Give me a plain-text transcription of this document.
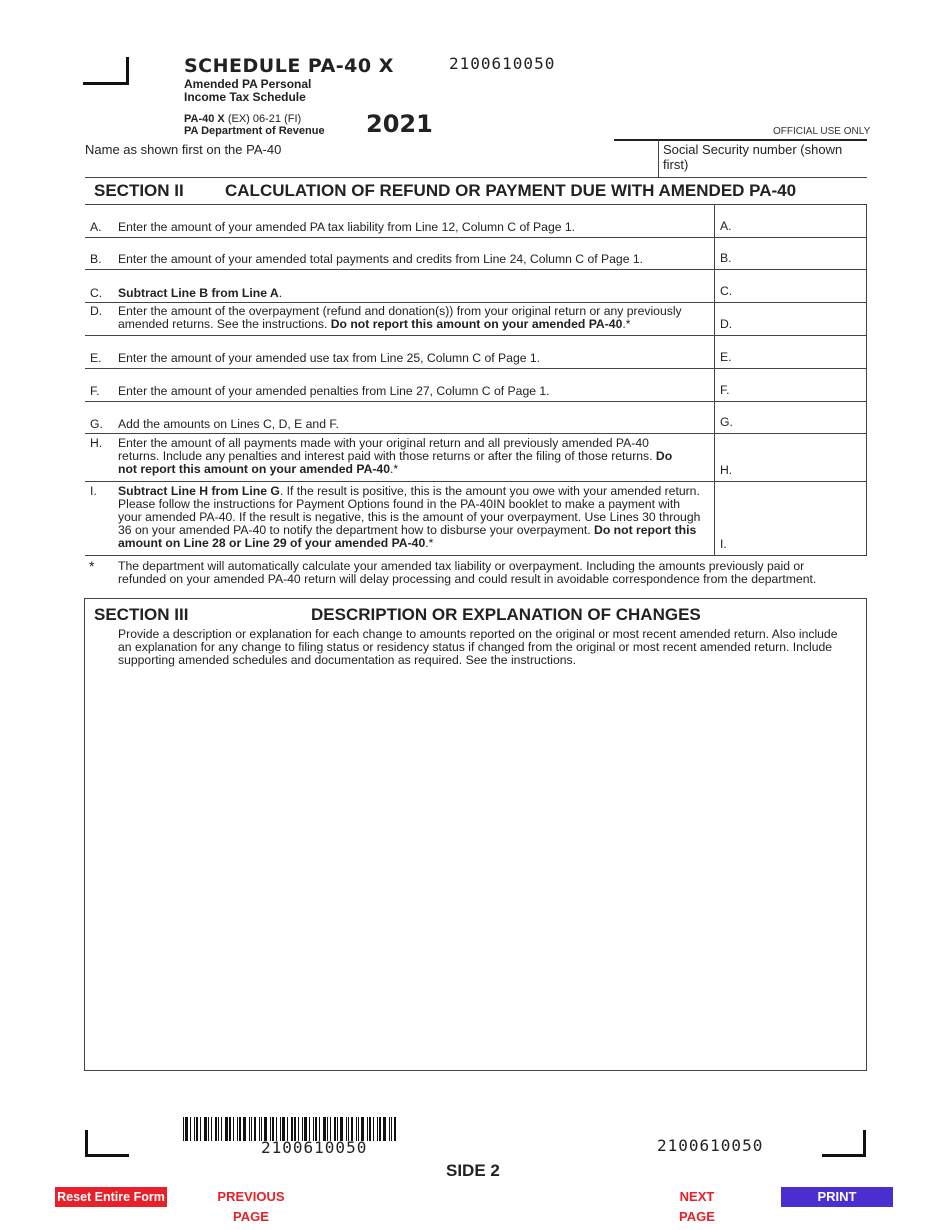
SCHEDULE PA-40 X	2100610050
Amended PA Personal
Income Tax Schedule
PA-40 X (EX) 06-21 (FI)
PA Department of Revenue 2021	OFFICIAL USE ONLY
Name as shown first on the PA-40	Social Security number (shown first)
SECTION II CALCULATION OF REFUND OR PAYMENT DUE WITH AMENDED PA-40
A. Enter the amount of your amended PA tax liability from Line 12, Column C of Page 1.	A.
B. Enter the amount of your amended total payments and credits from Line 24, Column C of Page 1.	B.
C. Subtract Line B from Line A.	C.
D. Enter the amount of the overpayment (refund and donation(s)) from your original return or any previously amended returns. See the instructions. Do not report this amount on your amended PA-40.*	D.
E. Enter the amount of your amended use tax from Line 25, Column C of Page 1.	E.
F. Enter the amount of your amended penalties from Line 27, Column C of Page 1.	F.
G. Add the amounts on Lines C, D, E and F.	G.
H. Enter the amount of all payments made with your original return and all previously amended PA-40 returns. Include any penalties and interest paid with those returns or after the filing of those returns. Do not report this amount on your amended PA-40.*	H.
I. Subtract Line H from Line G. If the result is positive, this is the amount you owe with your amended return. Please follow the instructions for Payment Options found in the PA-40IN booklet to make a payment with your amended PA-40. If the result is negative, this is the amount of your overpayment. Use Lines 30 through 36 on your amended PA-40 to notify the department how to disburse your overpayment. Do not report this amount on Line 28 or Line 29 of your amended PA-40.*	I.
* The department will automatically calculate your amended tax liability or overpayment. Including the amounts previously paid or refunded on your amended PA-40 return will delay processing and could result in avoidable correspondence from the department.
SECTION III	DESCRIPTION OR EXPLANATION OF CHANGES
Provide a description or explanation for each change to amounts reported on the original or most recent amended return. Also include an explanation for any change to filing status or residency status if changed from the original or most recent amended return. Include supporting amended schedules and documentation as required. See the instructions.
2100610050	2100610050
SIDE 2
Reset Entire Form	PREVIOUS PAGE
NEXT PAGE
PRINT
